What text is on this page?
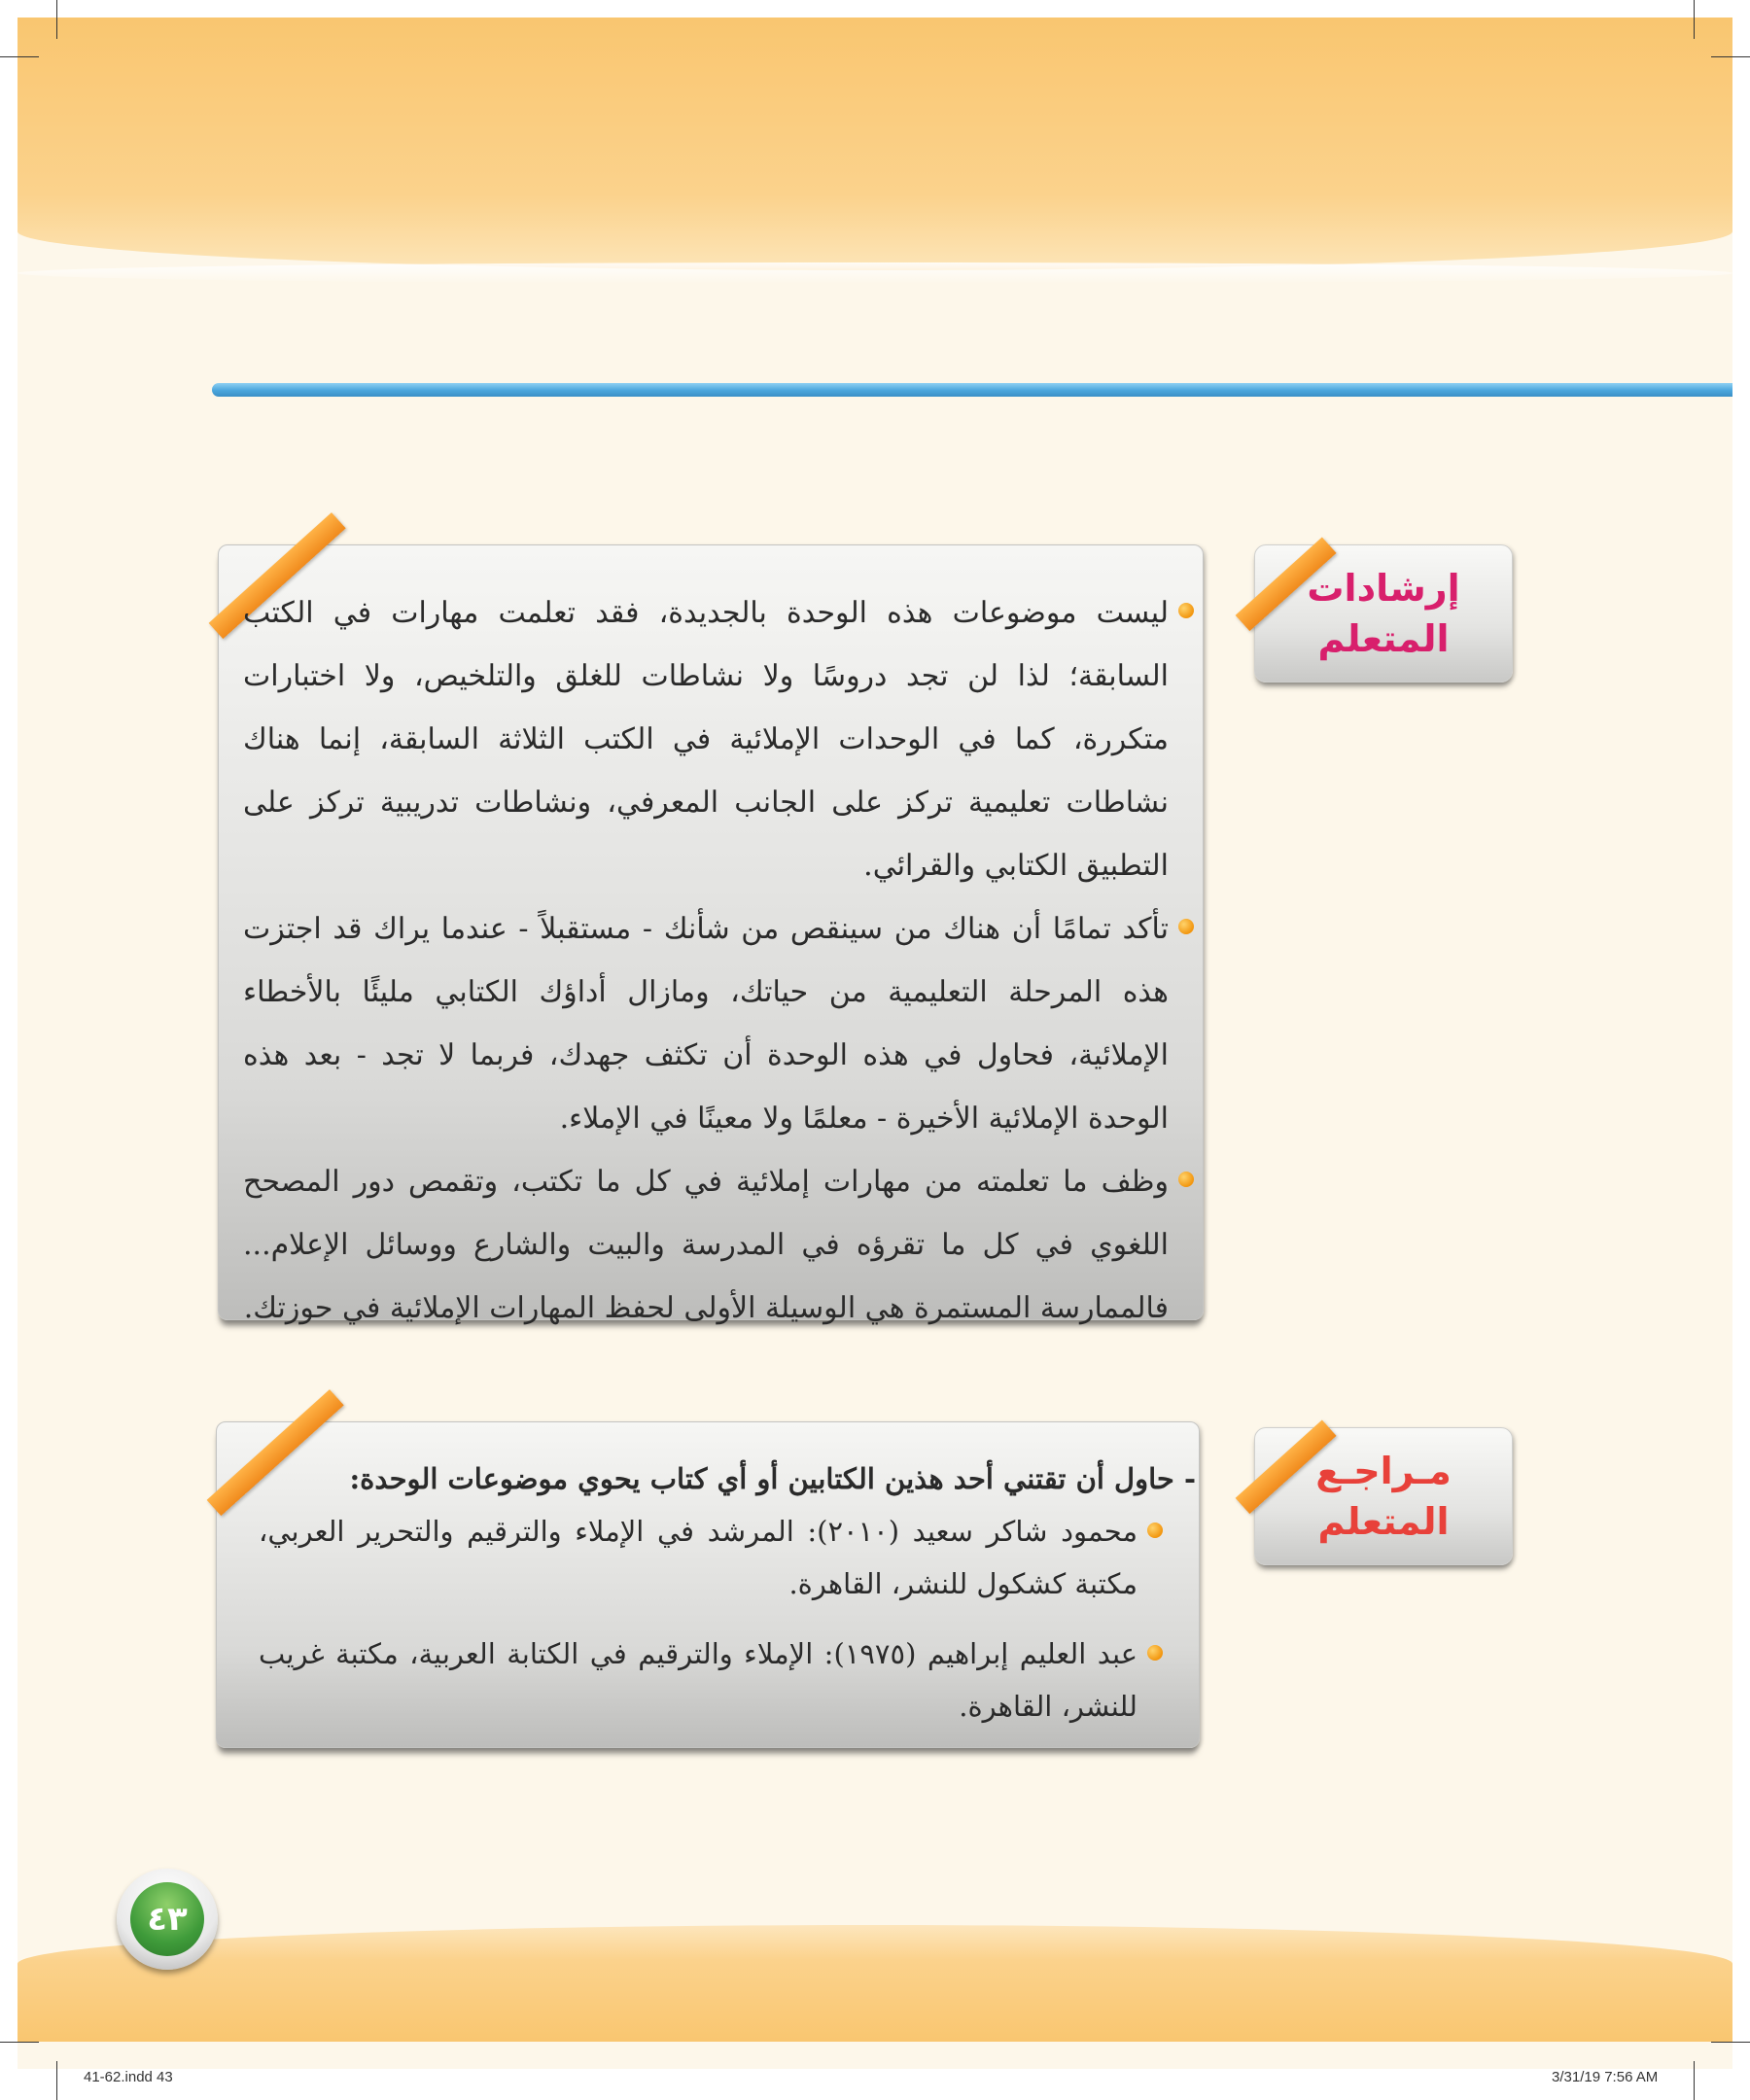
إرشادات
المتعلم

ليست موضوعات هذه الوحدة بالجديدة، فقد تعلمت مهارات في الكتب السابقة؛ لذا لن تجد دروسًا ولا نشاطات للغلق والتلخيص، ولا اختبارات متكررة، كما في الوحدات الإملائية في الكتب الثلاثة السابقة، إنما هناك نشاطات تعليمية تركز على الجانب المعرفي، ونشاطات تدريبية تركز على التطبيق الكتابي والقرائي.

تأكد تمامًا أن هناك من سينقص من شأنك - مستقبلاً - عندما يراك قد اجتزت هذه المرحلة التعليمية من حياتك، ومازال أداؤك الكتابي مليئًا بالأخطاء الإملائية، فحاول في هذه الوحدة أن تكثف جهدك، فربما لا تجد - بعد هذه الوحدة الإملائية الأخيرة - معلمًا ولا معينًا في الإملاء.

وظف ما تعلمته من مهارات إملائية في كل ما تكتب، وتقمص دور المصحح اللغوي في كل ما تقرؤه في المدرسة والبيت والشارع ووسائل الإعلام... فالممارسة المستمرة هي الوسيلة الأولى لحفظ المهارات الإملائية في حوزتك.

مـراجـع
المتعلم

- حاول أن تقتني أحد هذين الكتابين أو أي كتاب يحوي موضوعات الوحدة:

محمود شاكر سعيد (٢٠١٠): المرشد في الإملاء والترقيم والتحرير العربي، مكتبة كشكول للنشر، القاهرة.

عبد العليم إبراهيم (١٩٧٥): الإملاء والترقيم في الكتابة العربية، مكتبة غريب للنشر، القاهرة.

٤٣
41-62.indd 43	3/31/19 7:56 AM
